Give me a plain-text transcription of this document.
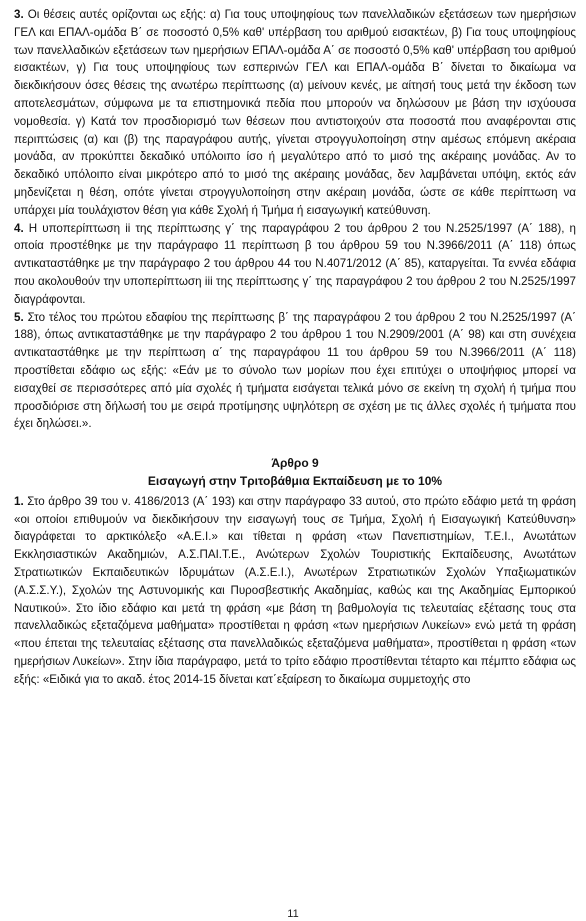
3. Οι θέσεις αυτές ορίζονται ως εξής: α) Για τους υποψηφίους των πανελλαδικών εξετάσεων των ημερήσιων ΓΕΛ και ΕΠΑΛ-ομάδα Β΄ σε ποσοστό 0,5% καθ' υπέρβαση του αριθμού εισακτέων, β) Για τους υποψηφίους των πανελλαδικών εξετάσεων των ημερήσιων ΕΠΑΛ-ομάδα Α΄ σε ποσοστό 0,5% καθ' υπέρβαση του αριθμού εισακτέων, γ) Για τους υποψηφίους των εσπερινών ΓΕΛ και ΕΠΑΛ-ομάδα Β΄ δίνεται το δικαίωμα να διεκδικήσουν όσες θέσεις της ανωτέρω περίπτωσης (α) μείνουν κενές, με αίτησή τους μετά την έκδοση των αποτελεσμάτων, σύμφωνα με τα επιστημονικά πεδία που μπορούν να δηλώσουν με βάση την ισχύουσα νομοθεσία. γ) Κατά τον προσδιορισμό των θέσεων που αντιστοιχούν στα ποσοστά που αναφέρονται στις περιπτώσεις (α) και (β) της παραγράφου αυτής, γίνεται στρογγυλοποίηση στην αμέσως επόμενη ακέραια μονάδα, αν προκύπτει δεκαδικό υπόλοιπο ίσο ή μεγαλύτερο από το μισό της ακέραιης μονάδας. Αν το δεκαδικό υπόλοιπο είναι μικρότερο από το μισό της ακέραιης μονάδας, δεν λαμβάνεται υπόψη, εκτός εάν μηδενίζεται η θέση, οπότε γίνεται στρογγυλοποίηση στην ακέραιη μονάδα, ώστε σε κάθε περίπτωση να υπάρχει μία τουλάχιστον θέση για κάθε Σχολή ή Τμήμα ή εισαγωγική κατεύθυνση.

4. Η υποπερίπτωση ii της περίπτωσης γ΄ της παραγράφου 2 του άρθρου 2 του Ν.2525/1997 (Α΄ 188), η οποία προστέθηκε με την παράγραφο 11 περίπτωση β του άρθρου 59 του Ν.3966/2011 (Α΄ 118) όπως αντικαταστάθηκε με την παράγραφο 2 του άρθρου 44 του Ν.4071/2012 (Α΄ 85), καταργείται. Τα εννέα εδάφια που ακολουθούν την υποπερίπτωση iii της περίπτωσης γ΄ της παραγράφου 2 του άρθρου 2 του Ν.2525/1997 διαγράφονται.

5. Στο τέλος του πρώτου εδαφίου της περίπτωσης β΄ της παραγράφου 2 του άρθρου 2 του Ν.2525/1997 (Α΄ 188), όπως αντικαταστάθηκε με την παράγραφο 2 του άρθρου 1 του Ν.2909/2001 (Α΄ 98) και στη συνέχεια αντικαταστάθηκε με την περίπτωση α΄ της παραγράφου 11 του άρθρου 59 του Ν.3966/2011 (Α΄ 118) προστίθεται εδάφιο ως εξής: «Εάν με το σύνολο των μορίων που έχει επιτύχει ο υποψήφιος μπορεί να εισαχθεί σε περισσότερες από μία σχολές ή τμήματα εισάγεται τελικά μόνο σε εκείνη τη σχολή ή τμήμα που προσδιόρισε στη δήλωσή του με σειρά προτίμησης υψηλότερη σε σχέση με τις άλλες σχολές ή τμήματα που έχει δηλώσει.».

Άρθρο 9

Εισαγωγή στην Τριτοβάθμια Εκπαίδευση με το 10%

1. Στο άρθρο 39 του ν. 4186/2013 (Α΄ 193) και στην παράγραφο 33 αυτού, στο πρώτο εδάφιο μετά τη φράση «οι οποίοι επιθυμούν να διεκδικήσουν την εισαγωγή τους σε Τμήμα, Σχολή ή Εισαγωγική Κατεύθυνση» διαγράφεται το αρκτικόλεξο «Α.Ε.Ι.» και τίθεται η φράση «των Πανεπιστημίων, Τ.Ε.Ι., Ανωτάτων Εκκλησιαστικών Ακαδημιών, Α.Σ.ΠΑΙ.Τ.Ε., Ανώτερων Σχολών Τουριστικής Εκπαίδευσης, Ανωτάτων Στρατιωτικών Εκπαιδευτικών Ιδρυμάτων (Α.Σ.Ε.Ι.), Ανωτέρων Στρατιωτικών Σχολών Υπαξιωματικών (Α.Σ.Σ.Υ.), Σχολών της Αστυνομικής και Πυροσβεστικής Ακαδημίας, καθώς και της Ακαδημίας Εμπορικού Ναυτικού». Στο ίδιο εδάφιο και μετά τη φράση «με βάση τη βαθμολογία τις τελευταίας εξέτασης τους στα πανελλαδικώς εξεταζόμενα μαθήματα» προστίθεται η φράση «των ημερήσιων Λυκείων» ενώ μετά τη φράση «που έπεται της τελευταίας εξέτασης στα πανελλαδικώς εξεταζόμενα μαθήματα», προστίθεται η φράση «των ημερήσιων Λυκείων». Στην ίδια παράγραφο, μετά το τρίτο εδάφιο προστίθενται τέταρτο και πέμπτο εδάφια ως εξής: «Ειδικά για το ακαδ. έτος 2014-15 δίνεται κατ΄εξαίρεση το δικαίωμα συμμετοχής στο

11
